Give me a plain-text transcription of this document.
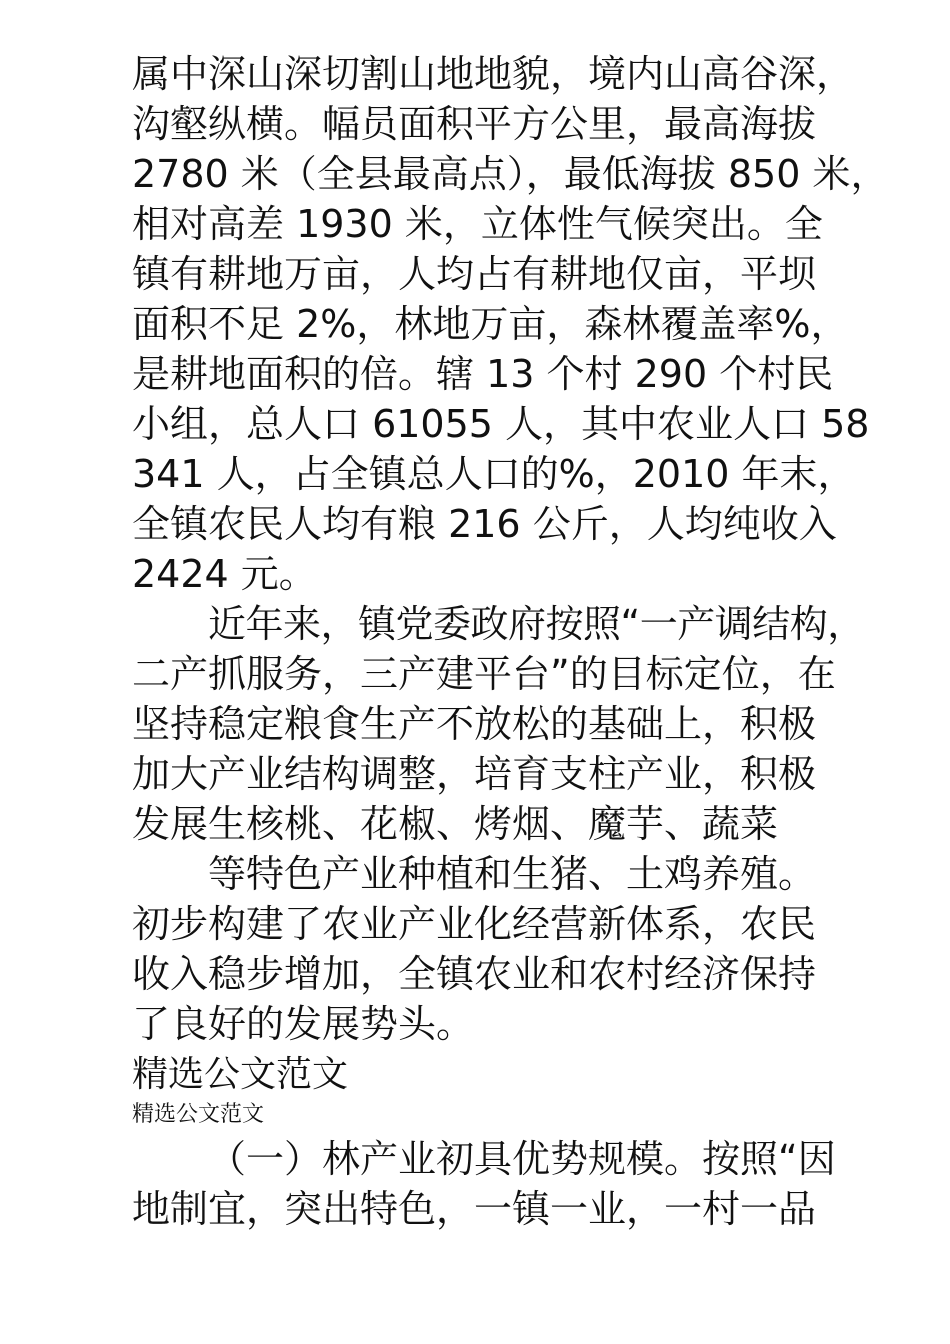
属中深山深切割山地地貌，境内山高谷深，
沟壑纵横。幅员面积平方公里，最高海拔
2780 米（全县最高点），最低海拔 850 米，
相对高差 1930 米，立体性气候突出。全
镇有耕地万亩，人均占有耕地仅亩，平坝
面积不足 2%，林地万亩，森林覆盖率%，
是耕地面积的倍。辖 13 个村 290 个村民
小组，总人口 61055 人，其中农业人口 58
341 人，占全镇总人口的%，2010 年末，
全镇农民人均有粮 216 公斤，人均纯收入
2424 元。
近年来，镇党委政府按照“一产调结构，
二产抓服务，三产建平台”的目标定位，在
坚持稳定粮食生产不放松的基础上，积极
加大产业结构调整，培育支柱产业，积极
发展生核桃、花椒、烤烟、魔芋、蔬菜
等特色产业种植和生猪、土鸡养殖。
初步构建了农业产业化经营新体系，农民
收入稳步增加，全镇农业和农村经济保持
了良好的发展势头。
精选公文范文
精选公文范文
（一）林产业初具优势规模。按照“因
地制宜，突出特色，一镇一业，一村一品
